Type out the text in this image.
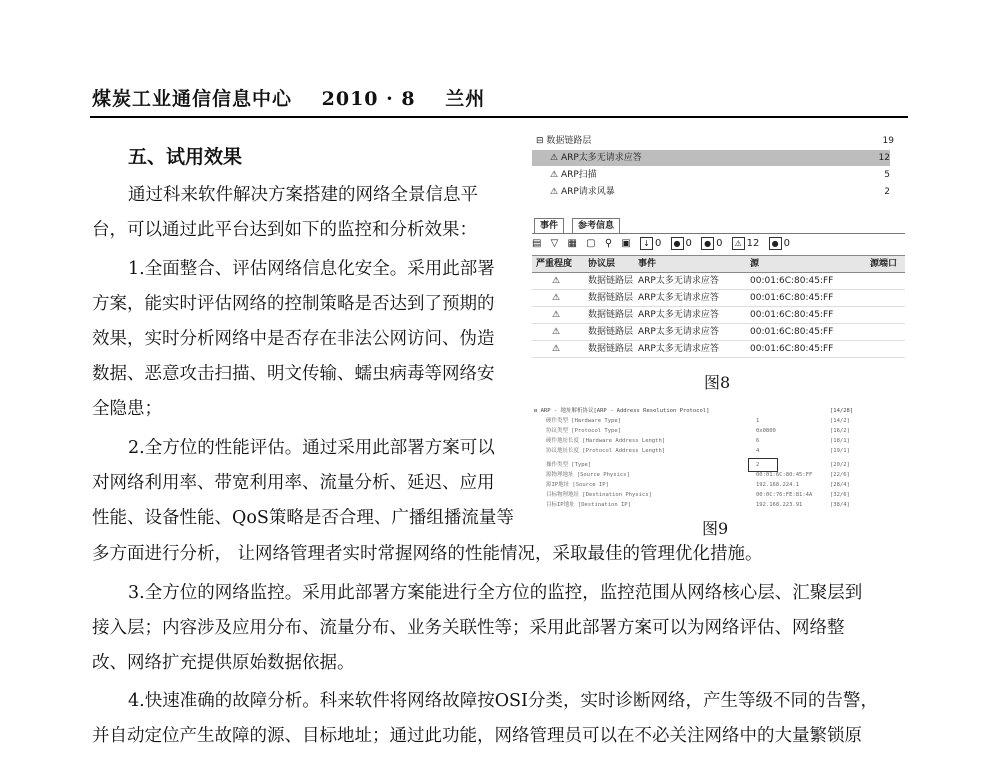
煤炭工业通信信息中心 2010 · 8 兰州
五、试用效果
通过科来软件解决方案搭建的网络全景信息平
台，可以通过此平台达到如下的监控和分析效果：
1.全面整合、评估网络信息化安全。采用此部署
方案，能实时评估网络的控制策略是否达到了预期的
效果，实时分析网络中是否存在非法公网访问、伪造
数据、恶意攻击扫描、明文传输、蠕虫病毒等网络安
全隐患；
2.全方位的性能评估。通过采用此部署方案可以
对网络利用率、带宽利用率、流量分析、延迟、应用
性能、设备性能、QoS策略是否合理、广播组播流量等
多方面进行分析， 让网络管理者实时常握网络的性能情况，采取最佳的管理优化措施。
3.全方位的网络监控。采用此部署方案能进行全方位的监控，监控范围从网络核心层、汇聚层到
接入层；内容涉及应用分布、流量分布、业务关联性等；采用此部署方案可以为网络评估、网络整
改、网络扩充提供原始数据依据。
4.快速准确的故障分析。科来软件将网络故障按OSI分类，实时诊断网络，产生等级不同的告警，
并自动定位产生故障的源、目标地址；通过此功能，网络管理员可以在不必关注网络中的大量繁锁原
⊟ 数据链路层	19
⚠ ARP太多无请求应答	12
⚠ ARP扫描	5
⚠ ARP请求风暴	2
事件	参考信息
▤ ▽ ▦ ▢ ⚲ ▣ ↓ 0 ● 0 ● 0 ⚠ 12 ● 0
严重程度 协议层	事件	源	源端口
⚠	数据链路层 ARP太多无请求应答	00:01:6C:80:45:FF
⚠	数据链路层 ARP太多无请求应答	00:01:6C:80:45:FF
⚠	数据链路层 ARP太多无请求应答	00:01:6C:80:45:FF
⚠	数据链路层 ARP太多无请求应答	00:01:6C:80:45:FF
⚠	数据链路层 ARP太多无请求应答	00:01:6C:80:45:FF
图8
⊟ ARP - 地址解析协议[ARP - Address Resolution Protocol]	[14/28]
硬件类型 [Hardware Type]	1	[14/2]
协议类型 [Protocol Type]	0x0800	[16/2]
硬件地址长度 [Hardware Address Length]	6	[18/1]
协议地址长度 [Protocol Address Length]	4	[19/1]
操作类型 [Type]	2	[20/2]
源物理地址 [Source Physics]	00:01:6C:80:45:FF	[22/6]
源IP地址 [Source IP]	192.168.224.1	[28/4]
目标物理地址 [Destination Physics]	00:0C:76:FE:81:4A	[32/6]
目标IP地址 [Destination IP]	192.168.223.91	[38/4]
图9
